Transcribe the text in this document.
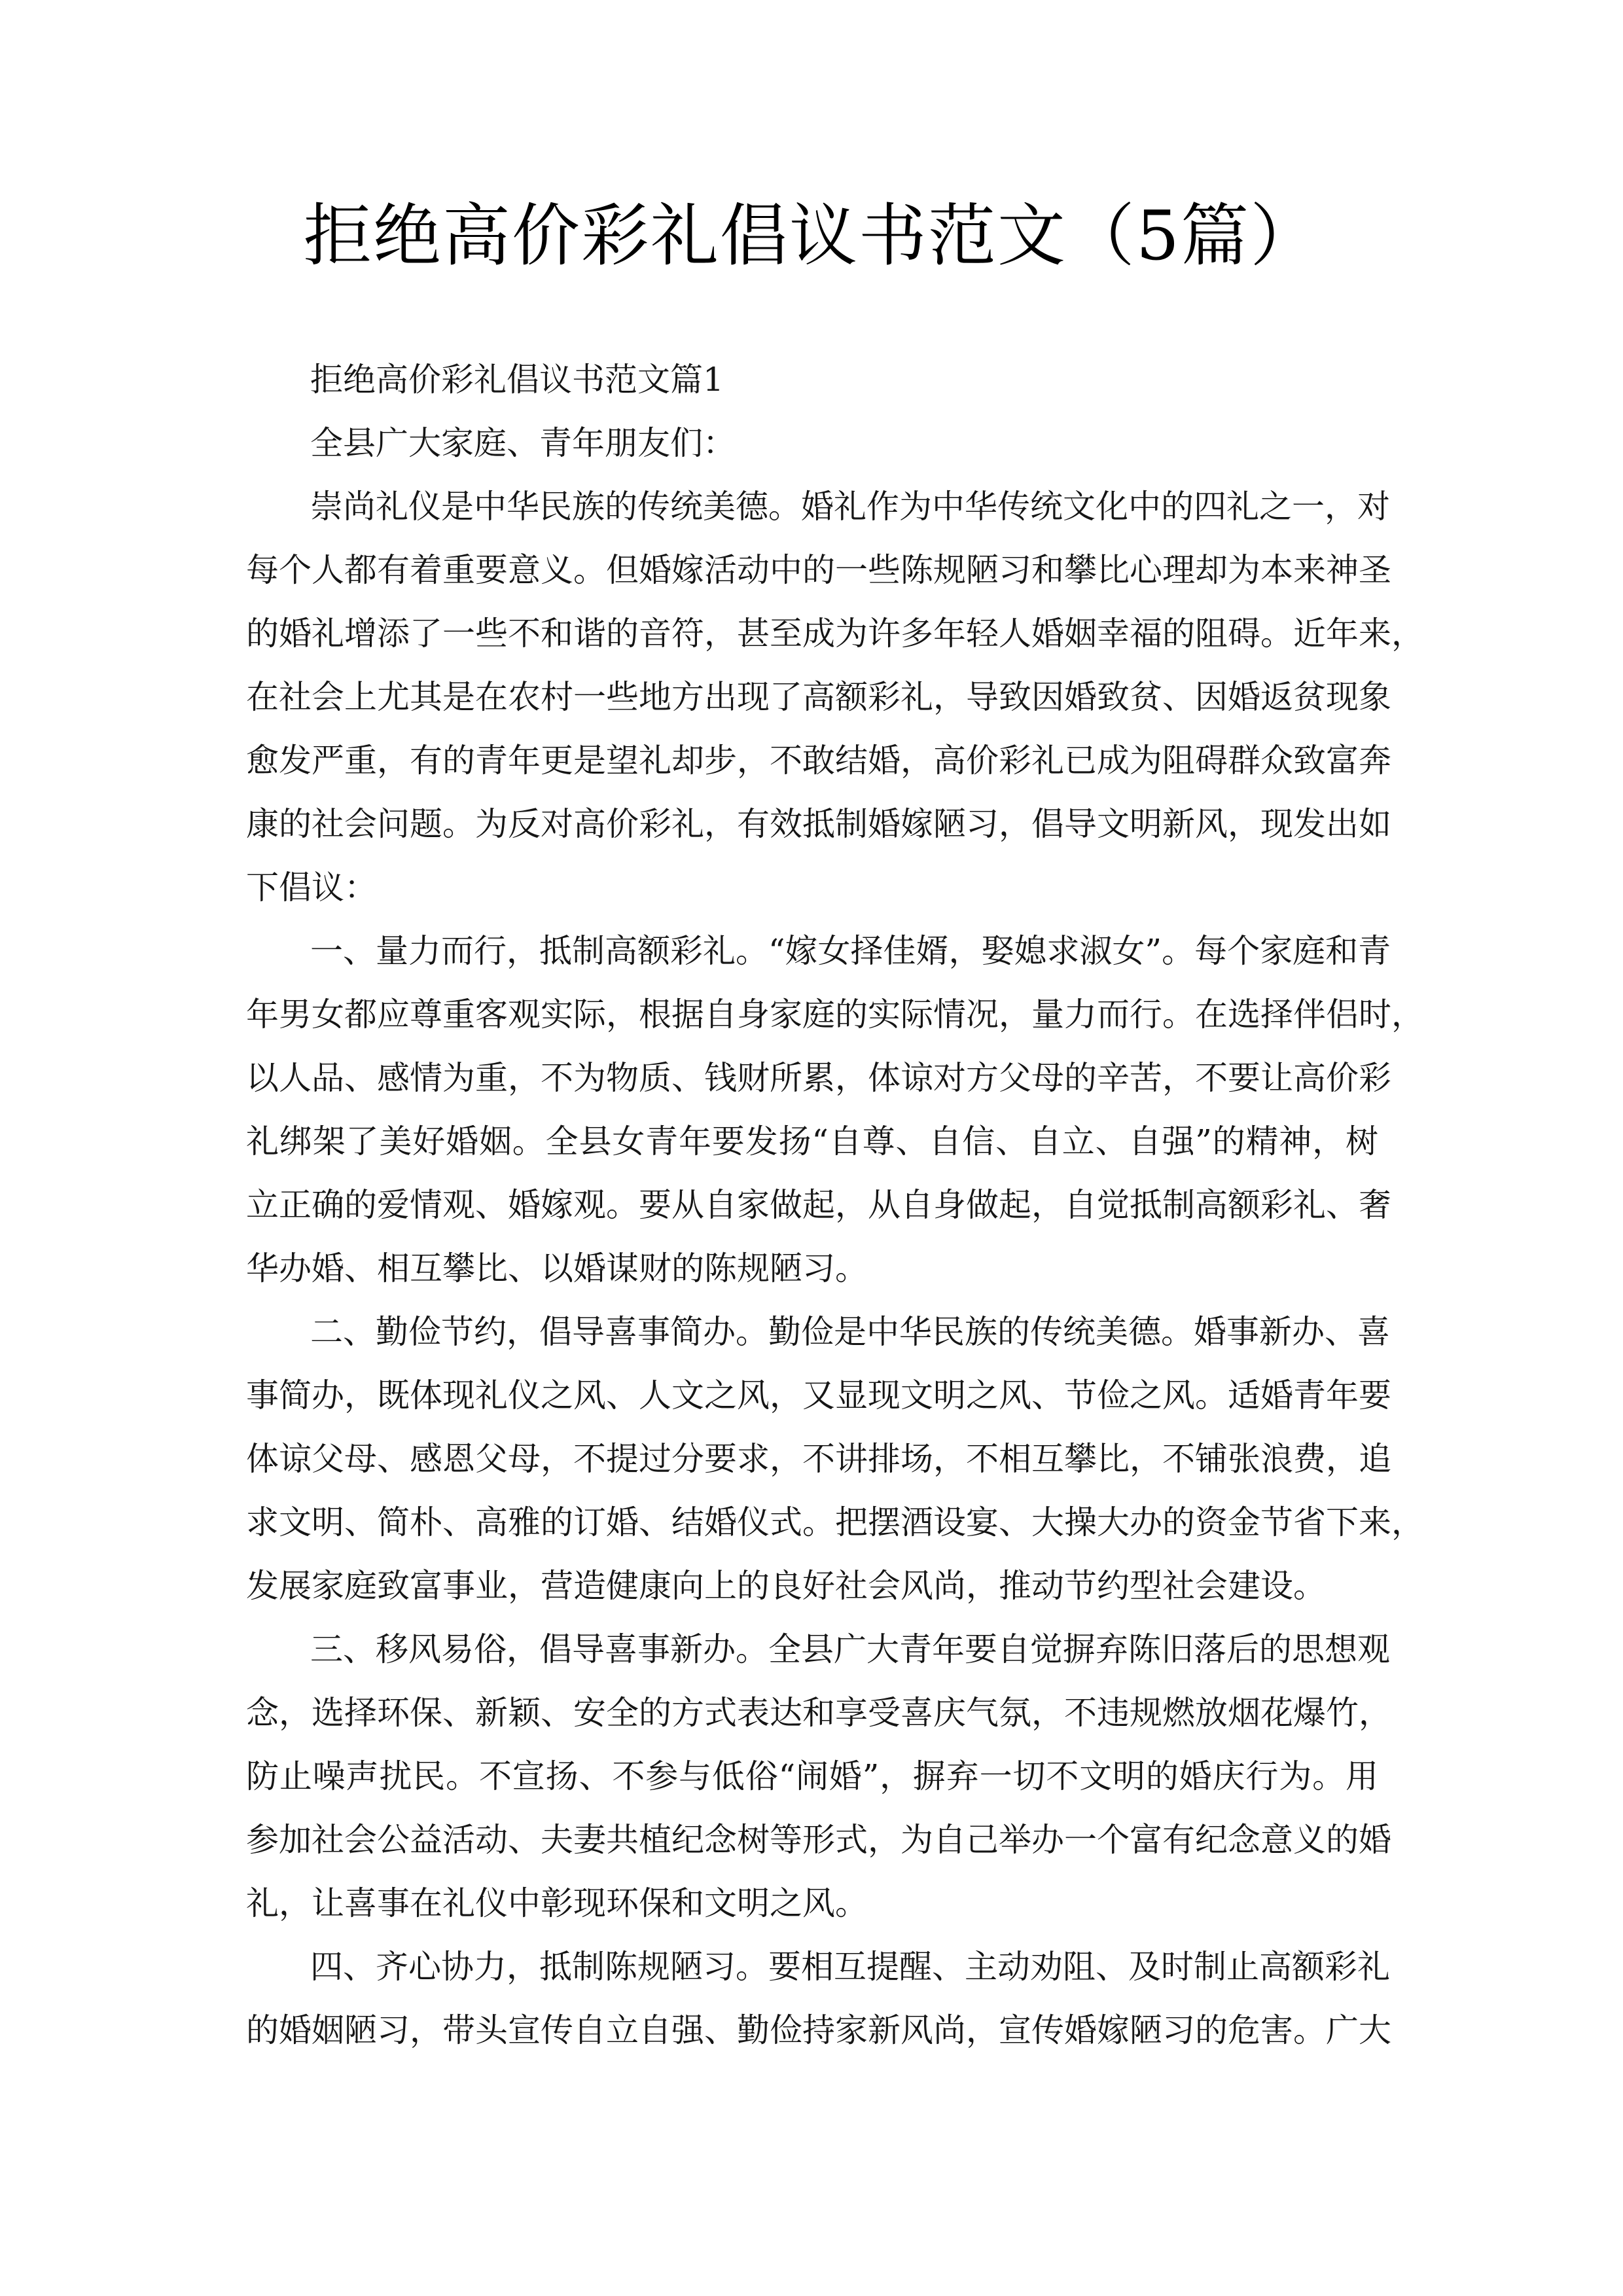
拒绝高价彩礼倡议书范文（5篇）
拒绝高价彩礼倡议书范文篇1
全县广大家庭、青年朋友们：
崇尚礼仪是中华民族的传统美德。婚礼作为中华传统文化中的四礼之一，对
每个人都有着重要意义。但婚嫁活动中的一些陈规陋习和攀比心理却为本来神圣
的婚礼增添了一些不和谐的音符，甚至成为许多年轻人婚姻幸福的阻碍。近年来，
在社会上尤其是在农村一些地方出现了高额彩礼，导致因婚致贫、因婚返贫现象
愈发严重，有的青年更是望礼却步，不敢结婚，高价彩礼已成为阻碍群众致富奔
康的社会问题。为反对高价彩礼，有效抵制婚嫁陋习，倡导文明新风，现发出如
下倡议：
一、量力而行，抵制高额彩礼。“嫁女择佳婿，娶媳求淑女”。每个家庭和青
年男女都应尊重客观实际，根据自身家庭的实际情况，量力而行。在选择伴侣时，
以人品、感情为重，不为物质、钱财所累，体谅对方父母的辛苦，不要让高价彩
礼绑架了美好婚姻。全县女青年要发扬“自尊、自信、自立、自强”的精神，树
立正确的爱情观、婚嫁观。要从自家做起，从自身做起，自觉抵制高额彩礼、奢
华办婚、相互攀比、以婚谋财的陈规陋习。
二、勤俭节约，倡导喜事简办。勤俭是中华民族的传统美德。婚事新办、喜
事简办，既体现礼仪之风、人文之风，又显现文明之风、节俭之风。适婚青年要
体谅父母、感恩父母，不提过分要求，不讲排场，不相互攀比，不铺张浪费，追
求文明、简朴、高雅的订婚、结婚仪式。把摆酒设宴、大操大办的资金节省下来，
发展家庭致富事业，营造健康向上的良好社会风尚，推动节约型社会建设。
三、移风易俗，倡导喜事新办。全县广大青年要自觉摒弃陈旧落后的思想观
念，选择环保、新颖、安全的方式表达和享受喜庆气氛，不违规燃放烟花爆竹，
防止噪声扰民。不宣扬、不参与低俗“闹婚”，摒弃一切不文明的婚庆行为。用
参加社会公益活动、夫妻共植纪念树等形式，为自己举办一个富有纪念意义的婚
礼，让喜事在礼仪中彰现环保和文明之风。
四、齐心协力，抵制陈规陋习。要相互提醒、主动劝阻、及时制止高额彩礼
的婚姻陋习，带头宣传自立自强、勤俭持家新风尚，宣传婚嫁陋习的危害。广大
